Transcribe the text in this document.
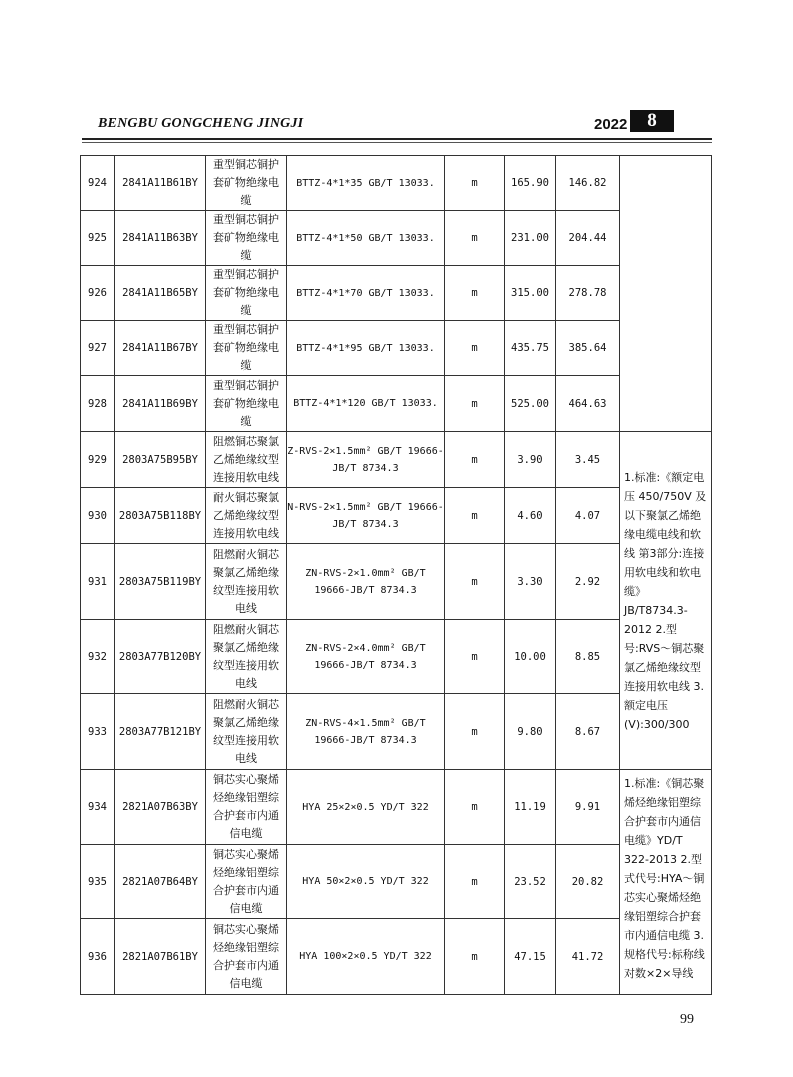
BENGBU GONGCHENG JINGJI	2022	8
924	2841A11B61BY	重型铜芯铜护套矿物绝缘电缆	BTTZ-4*1*35 GB/T 13033.	m	165.90	146.82	
925	2841A11B63BY	重型铜芯铜护套矿物绝缘电缆	BTTZ-4*1*50 GB/T 13033.	m	231.00	204.44	
926	2841A11B65BY	重型铜芯铜护套矿物绝缘电缆	BTTZ-4*1*70 GB/T 13033.	m	315.00	278.78	
927	2841A11B67BY	重型铜芯铜护套矿物绝缘电缆	BTTZ-4*1*95 GB/T 13033.	m	435.75	385.64	
928	2841A11B69BY	重型铜芯铜护套矿物绝缘电缆	BTTZ-4*1*120 GB/T 13033.	m	525.00	464.63	
929	2803A75B95BY	阻燃铜芯聚氯乙烯绝缘纹型连接用软电线	Z-RVS-2×1.5mm² GB/T 19666-JB/T 8734.3	m	3.90	3.45	1.标准:《额定电压 450/750V 及以下聚氯乙烯绝缘电缆电线和软线 第3部分:连接用软电线和软电缆》JB/T8734.3-2012 2.型号:RVS～铜芯聚氯乙烯绝缘纹型连接用软电线 3.额定电压(V):300/300
930	2803A75B118BY	耐火铜芯聚氯乙烯绝缘纹型连接用软电线	N-RVS-2×1.5mm² GB/T 19666-JB/T 8734.3	m	4.60	4.07	
931	2803A75B119BY	阻燃耐火铜芯聚氯乙烯绝缘纹型连接用软电线	ZN-RVS-2×1.0mm² GB/T 19666-JB/T 8734.3	m	3.30	2.92	
932	2803A77B120BY	阻燃耐火铜芯聚氯乙烯绝缘纹型连接用软电线	ZN-RVS-2×4.0mm² GB/T 19666-JB/T 8734.3	m	10.00	8.85	
933	2803A77B121BY	阻燃耐火铜芯聚氯乙烯绝缘纹型连接用软电线	ZN-RVS-4×1.5mm² GB/T 19666-JB/T 8734.3	m	9.80	8.67	
934	2821A07B63BY	铜芯实心聚烯烃绝缘铝塑综合护套市内通信电缆	HYA 25×2×0.5 YD/T 322	m	11.19	9.91	1.标准:《铜芯聚烯烃绝缘铝塑综合护套市内通信电缆》YD/T 322-2013 2.型式代号:HYA～铜芯实心聚烯烃绝缘铝塑综合护套市内通信电缆 3.规格代号:标称线对数×2×导线
935	2821A07B64BY	铜芯实心聚烯烃绝缘铝塑综合护套市内通信电缆	HYA 50×2×0.5 YD/T 322	m	23.52	20.82	
936	2821A07B61BY	铜芯实心聚烯烃绝缘铝塑综合护套市内通信电缆	HYA 100×2×0.5 YD/T 322	m	47.15	41.72	
99
